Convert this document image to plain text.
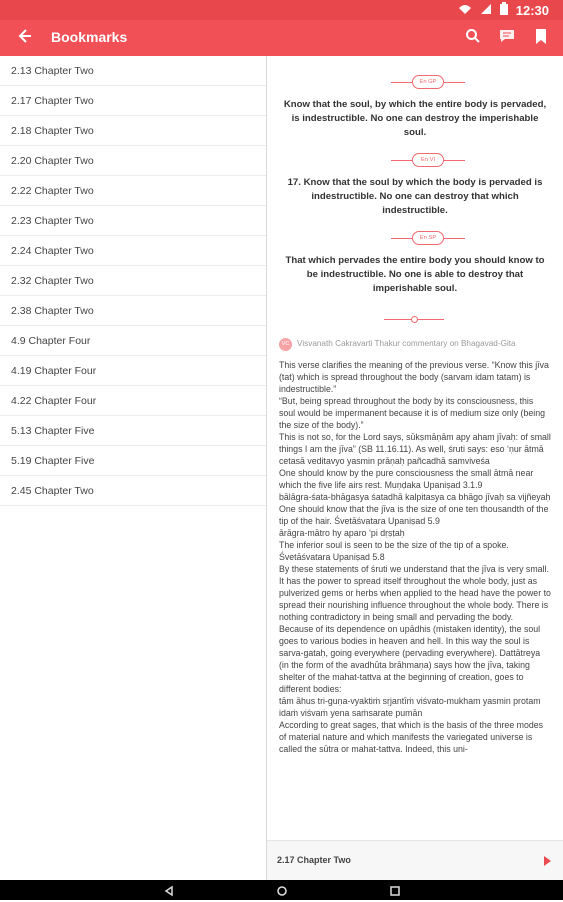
12:30
Bookmarks
2.13 Chapter Two
2.17 Chapter Two
2.18 Chapter Two
2.20 Chapter Two
2.22 Chapter Two
2.23 Chapter Two
2.24 Chapter Two
2.32 Chapter Two
2.38 Chapter Two
4.9 Chapter Four
4.19 Chapter Four
4.22 Chapter Four
5.13 Chapter Five
5.19 Chapter Five
2.45 Chapter Two
En GP
Know that the soul, by which the entire body is pervaded, is indestructible. No one can destroy the imperishable soul.
En VI
17. Know that the soul by which the body is pervaded is indestructible. No one can destroy that which indestructible.
En SP
That which pervades the entire body you should know to be indestructible. No one is able to destroy that imperishable soul.
VC Visvanath Cakravarti Thakur commentary on Bhagavad-Gita

This verse clarifies the meaning of the previous verse. “Know this jīva (tat) which is spread throughout the body (sarvam idam tatam) is indestructible.”

“But, being spread throughout the body by its consciousness, this soul would be impermanent because it is of medium size only (being the size of the body).”

This is not so, for the Lord says, sūkṣmāṇām apy aham jīvaḥ: of small things I am the jīva” (SB 11.16.11). As well, śruti says: eso ‘ṇur ātmā cetasā veditavyo yasmin prāṇaḥ pañcadhā samviveśa

One should know by the pure consciousness the small ātmā near which the five life airs rest. Muṇḍaka Upaniṣad 3.1.9

bālāgra-śata-bhāgasya śatadhā kalpitasya ca bhāgo jīvaḥ sa vijñeyaḥ

One should know that the jīva is the size of one ten thousandth of the tip of the hair. Śvetāśvatara Upaniṣad 5.9

ārāgra-mātro hy aparo ‘pi dṛṣṭaḥ

The inferior soul is seen to be the size of the tip of a spoke. Śvetāśvatara Upaniṣad 5.8

By these statements of śruti we understand that the jīva is very small. It has the power to spread itself throughout the whole body, just as pulverized gems or herbs when applied to the head have the power to spread their nourishing influence throughout the whole body. There is nothing contradictory in being small and pervading the body.

Because of its dependence on upādhis (mistaken identity), the soul goes to various bodies in heaven and hell. In this way the soul is sarva-gataḥ, going everywhere (pervading everywhere). Dattātreya (in the form of the avadhūta brāhmaṇa) says how the jīva, taking shelter of the mahat-tattva at the beginning of creation, goes to different bodies:

tām āhus tri-guṇa-vyaktiṁ sṛjantīṁ viśvato-mukham yasmin protam idaṁ viśvaṁ yena saṁsarate pumān

According to great sages, that which is the basis of the three modes of material nature and which manifests the variegated universe is called the sūtra or mahat-tattva. Indeed, this uni-

2.17 Chapter Two
